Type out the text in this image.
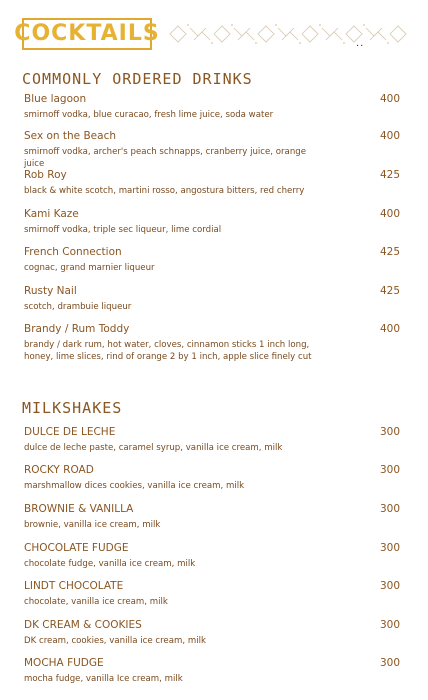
COCKTAILS	..
COMMONLY ORDERED DRINKS
Blue lagoon
smirnoff vodka, blue curacao, fresh lime juice, soda water
400
Sex on the Beach
smirnoff vodka, archer's peach schnapps, cranberry juice, orange juice
400
Rob Roy
black & white scotch, martini rosso, angostura bitters, red cherry
425
Kami Kaze
smirnoff vodka, triple sec liqueur, lime cordial
400
French Connection
cognac, grand marnier liqueur
425
Rusty Nail
scotch, drambuie liqueur
425
Brandy / Rum Toddy
brandy / dark rum, hot water, cloves, cinnamon sticks 1 inch long, honey, lime slices, rind of orange 2 by 1 inch, apple slice finely cut
400
MILKSHAKES
DULCE DE LECHE
dulce de leche paste, caramel syrup, vanilla ice cream, milk
300
ROCKY ROAD
marshmallow dices cookies, vanilla ice cream, milk
300
BROWNIE & VANILLA
brownie, vanilla ice cream, milk
300
CHOCOLATE FUDGE
chocolate fudge, vanilla ice cream, milk
300
LINDT CHOCOLATE
chocolate, vanilla ice cream, milk
300
DK CREAM & COOKIES
DK cream, cookies, vanilla ice cream, milk
300
MOCHA FUDGE
mocha fudge, vanilla Ice cream, milk
300
